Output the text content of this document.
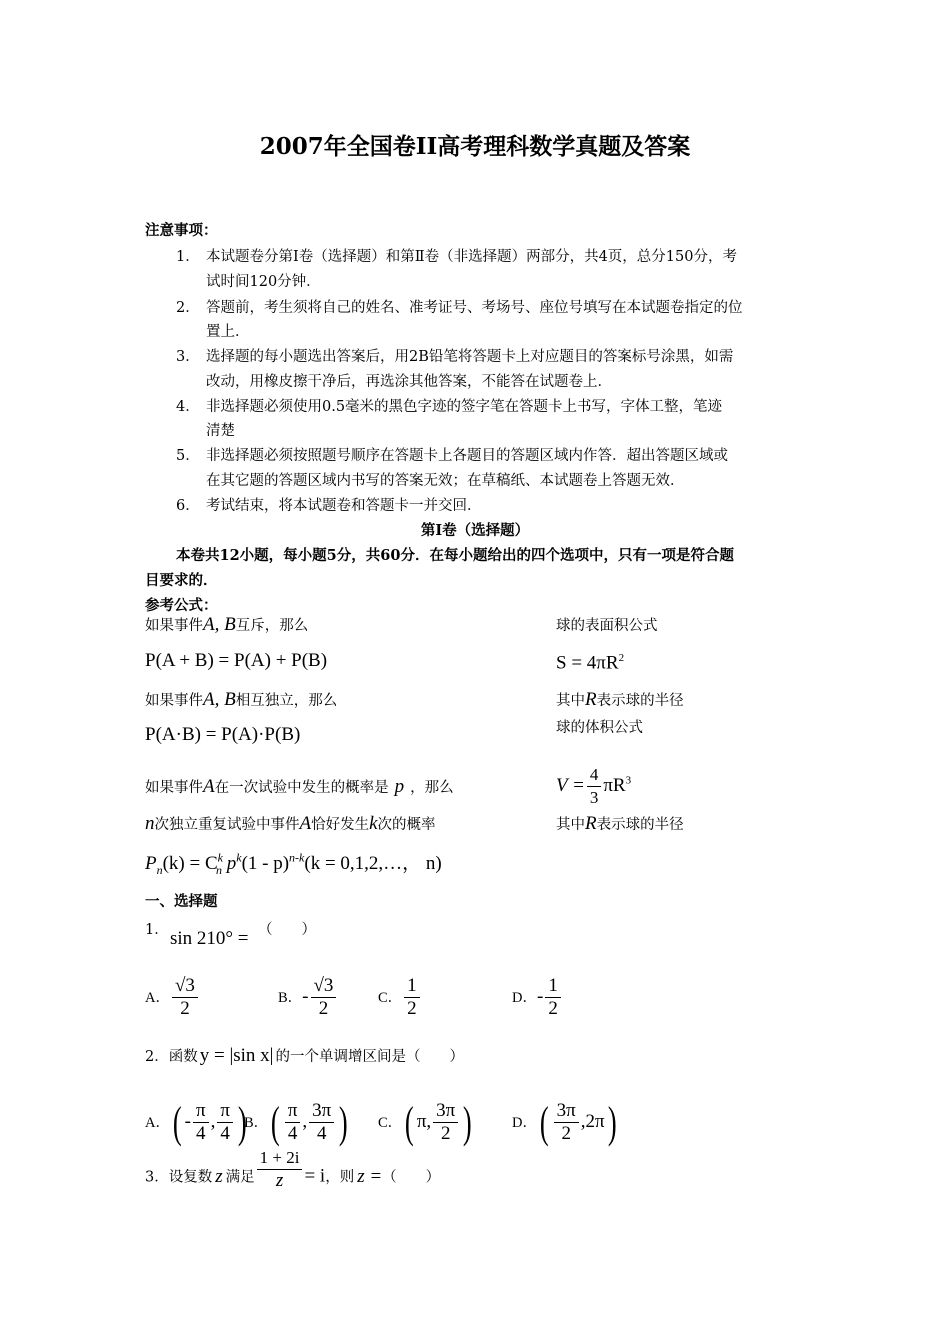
2007年全国卷II高考理科数学真题及答案
注意事项：
1． 本试题卷分第Ⅰ卷（选择题）和第Ⅱ卷（非选择题）两部分，共4页，总分150分，考
试时间120分钟．
2． 答题前，考生须将自己的姓名、准考证号、考场号、座位号填写在本试题卷指定的位
置上．
3． 选择题的每小题选出答案后，用2B铅笔将答题卡上对应题目的答案标号涂黑，如需
改动，用橡皮擦干净后，再选涂其他答案，不能答在试题卷上．
4． 非选择题必须使用0.5毫米的黑色字迹的签字笔在答题卡上书写，字体工整，笔迹
清楚
5． 非选择题必须按照题号顺序在答题卡上各题目的答题区域内作答．超出答题区域或
在其它题的答题区域内书写的答案无效；在草稿纸、本试题卷上答题无效．
6． 考试结束，将本试题卷和答题卡一并交回．
第Ⅰ卷（选择题）
本卷共12小题，每小题5分，共60分．在每小题给出的四个选项中，只有一项是符合题
目要求的．
参考公式：
如果事件A, B互斥，那么
P(A + B) = P(A) + P(B)
如果事件A, B相互独立，那么
P(A·B) = P(A)·P(B)
如果事件A在一次试验中发生的概率是 p ，那么
n次独立重复试验中事件A恰好发生k次的概率
$P_n(k) = C^k_n$ $p^k(1 - p)^{n-k}(k$ = 0,1,2,…， n)
球的表面积公式
$S = 4\pi R^2$
其中R表示球的半径
球的体积公式
$V = \frac{4}{3} \pi R^3$
其中R表示球的半径
一、选择题
1． sin 210° = （　　）
A． $\frac{√3}{2}$	B．- $\frac{√3}{2}$	C． $\frac{1}{2}$	D．- $\frac{1}{2}$
2．函数 y = |sin x| 的一个单调增区间是（　　）
A．( - $\frac{\pi}{4}$ , $\frac{\pi}{4}$ )
B．( $\frac{\pi}{4}$ , $\frac{3\pi}{4}$ ) C．( π, $\frac{3\pi}{2}$ )	D．( $\frac{3\pi}{2} ,2\pi$)
3．设复数 z 满足 $\frac{1 + 2i}{z} = i$，则 z =（　　）
